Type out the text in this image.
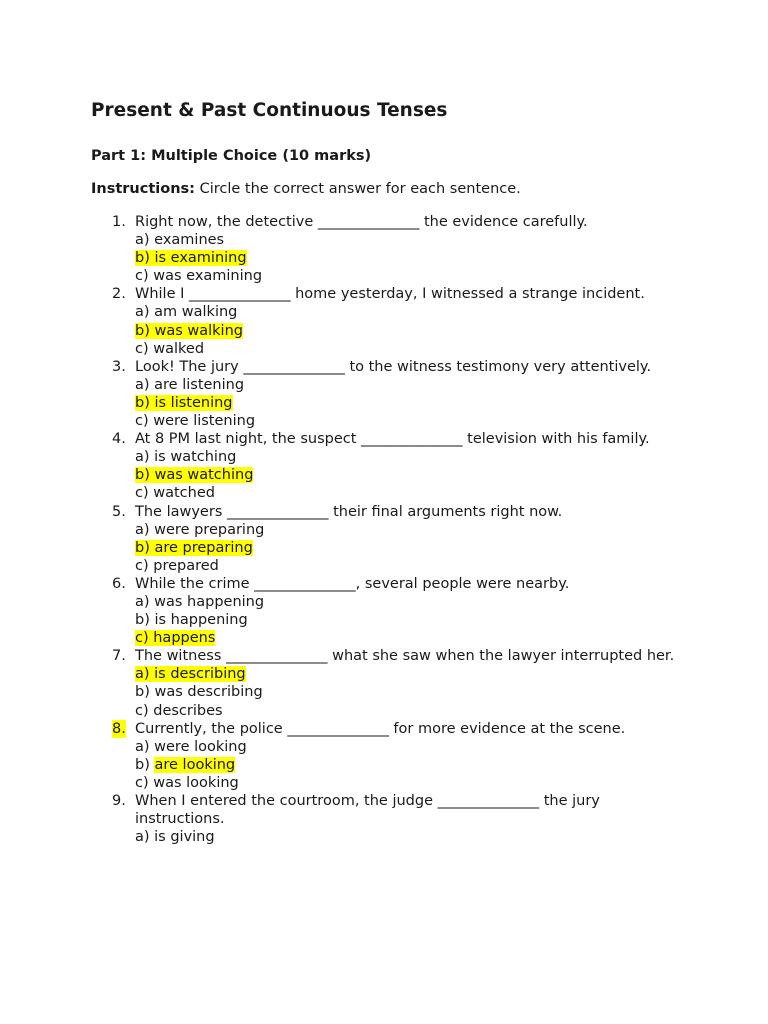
Present & Past Continuous Tenses
Part 1: Multiple Choice (10 marks)
Instructions: Circle the correct answer for each sentence.
1. Right now, the detective ______________ the evidence carefully.
a) examines
b) is examining
c) was examining
2. While I ______________ home yesterday, I witnessed a strange incident.
a) am walking
b) was walking
c) walked
3. Look! The jury ______________ to the witness testimony very attentively.
a) are listening
b) is listening
c) were listening
4. At 8 PM last night, the suspect ______________ television with his family.
a) is watching
b) was watching
c) watched
5. The lawyers ______________ their final arguments right now.
a) were preparing
b) are preparing
c) prepared
6. While the crime ______________, several people were nearby.
a) was happening
b) is happening
c) happens
7. The witness ______________ what she saw when the lawyer interrupted her.
a) is describing
b) was describing
c) describes
8. Currently, the police ______________ for more evidence at the scene.
a) were looking
b) are looking
c) was looking
9. When I entered the courtroom, the judge ______________ the jury instructions.
a) is giving
